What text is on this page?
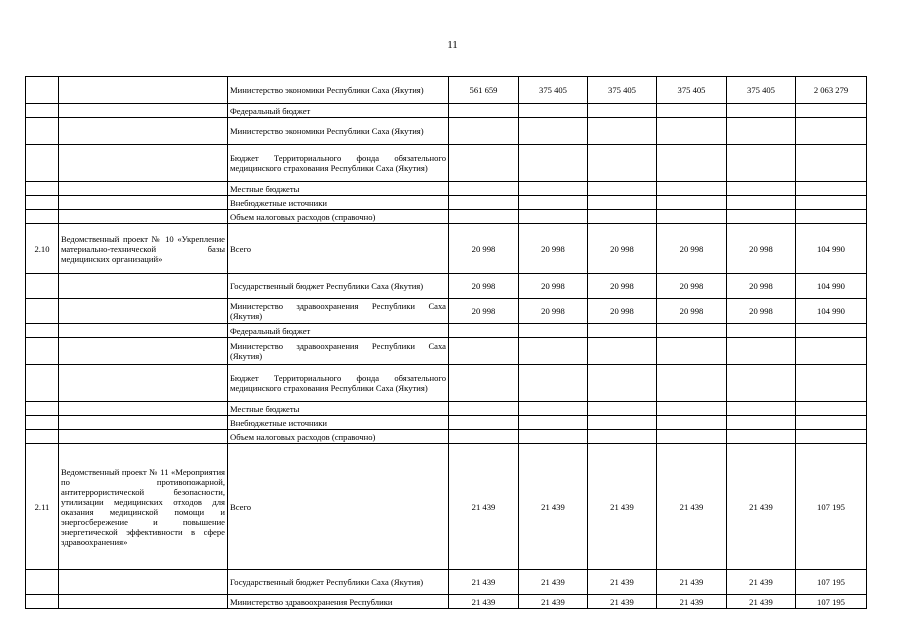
11
		Министерство экономики Республики Саха (Якутия)	561 659	375 405	375 405	375 405	375 405	2 063 279
		Федеральный бюджет						
		Министерство экономики Республики Саха (Якутия)						
		Бюджет Территориального фонда обязательного медицинского страхования Республики Саха (Якутия)						
		Местные бюджеты						
		Внебюджетные источники						
		Объем налоговых расходов (справочно)						
2.10	Ведомственный проект № 10 «Укрепление материально-технической базы медицинских организаций»	Всего	20 998	20 998	20 998	20 998	20 998	104 990
		Государственный бюджет Республики Саха (Якутия)	20 998	20 998	20 998	20 998	20 998	104 990
		Министерство здравоохранения Республики Саха (Якутия)	20 998	20 998	20 998	20 998	20 998	104 990
		Федеральный бюджет						
		Министерство здравоохранения Республики Саха (Якутия)						
		Бюджет Территориального фонда обязательного медицинского страхования Республики Саха (Якутия)						
		Местные бюджеты						
		Внебюджетные источники						
		Объем налоговых расходов (справочно)						
2.11	Ведомственный проект № 11 «Мероприятия по противопожарной, антитеррористической безопасности, утилизации медицинских отходов для оказания медицинской помощи и энергосбережение и повышение энергетической эффективности в сфере здравоохранения»	Всего	21 439	21 439	21 439	21 439	21 439	107 195
		Государственный бюджет Республики Саха (Якутия)	21 439	21 439	21 439	21 439	21 439	107 195
		Министерство здравоохранения Республики	21 439	21 439	21 439	21 439	21 439	107 195
